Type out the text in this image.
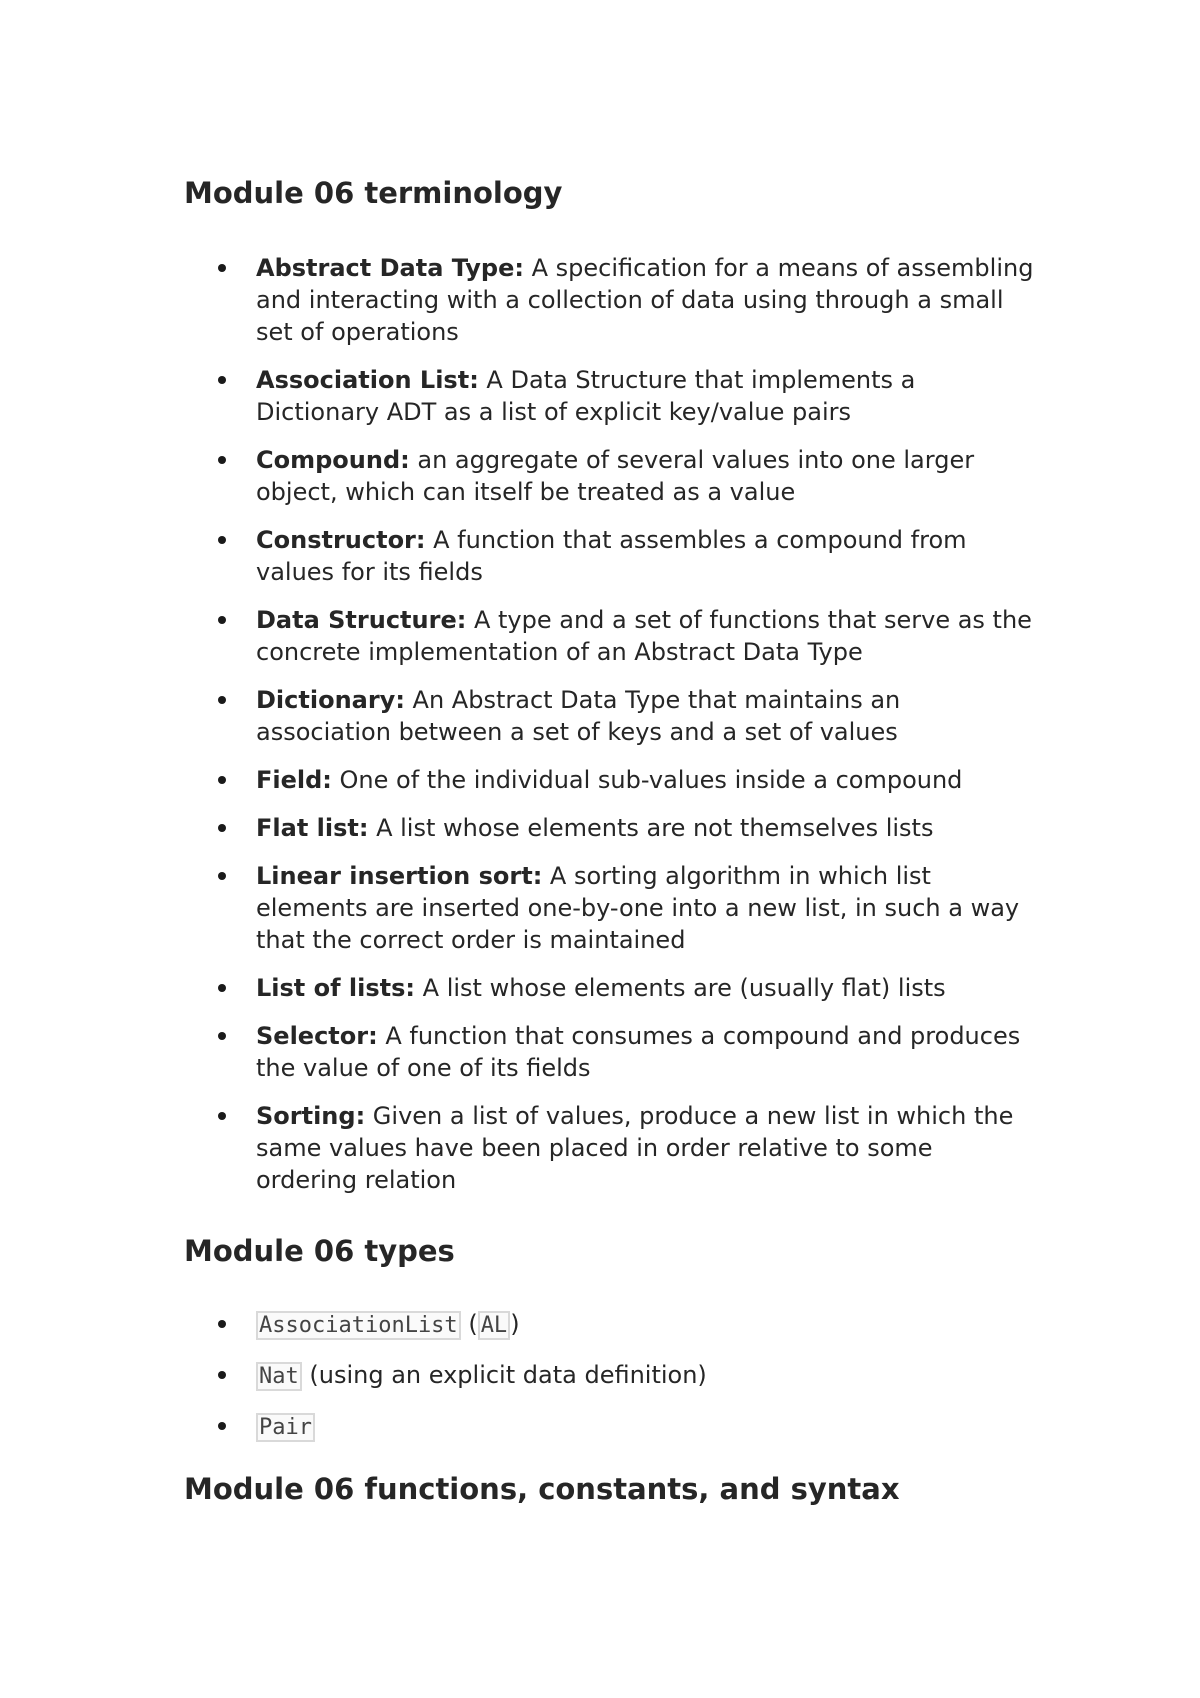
Module 06 terminology
Abstract Data Type: A specification for a means of assembling and interacting with a collection of data using through a small set of operations
Association List: A Data Structure that implements a Dictionary ADT as a list of explicit key/value pairs
Compound: an aggregate of several values into one larger object, which can itself be treated as a value
Constructor: A function that assembles a compound from values for its fields
Data Structure: A type and a set of functions that serve as the concrete implementation of an Abstract Data Type
Dictionary: An Abstract Data Type that maintains an association between a set of keys and a set of values
Field: One of the individual sub-values inside a compound
Flat list: A list whose elements are not themselves lists
Linear insertion sort: A sorting algorithm in which list elements are inserted one-by-one into a new list, in such a way that the correct order is maintained
List of lists: A list whose elements are (usually flat) lists
Selector: A function that consumes a compound and produces the value of one of its fields
Sorting: Given a list of values, produce a new list in which the same values have been placed in order relative to some ordering relation
Module 06 types
AssociationList ( AL )
Nat (using an explicit data definition)
Pair
Module 06 functions, constants, and syntax
